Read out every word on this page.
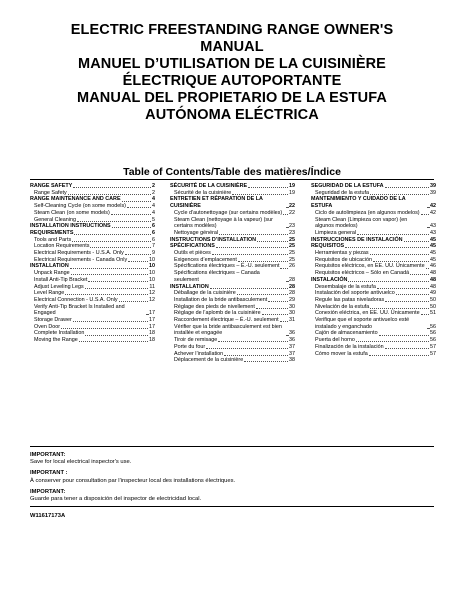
ELECTRIC FREESTANDING RANGE OWNER'S
MANUAL
MANUEL D’UTILISATION DE LA CUISINIÈRE
ÉLECTRIQUE AUTOPORTANTE
MANUAL DEL PROPIETARIO DE LA ESTUFA
AUTÓNOMA ELÉCTRICA
Table of Contents/Table des matières/Índice
RANGE SAFETY	2
Range Safety	2
RANGE MAINTENANCE AND CARE	4
Self-Cleaning Cycle (on some models)	4
Steam Clean (on some models)	4
General Cleaning	5
INSTALLATION INSTRUCTIONS	6
REQUIREMENTS	6
Tools and Parts	6
Location Requirements	7
Electrical Requirements - U.S.A. Only	9
Electrical Requirements - Canada Only	10
INSTALLATION	10
Unpack Range	10
Install Anti-Tip Bracket	10
Adjust Leveling Legs	11
Level Range	12
Electrical Connection - U.S.A. Only	12
Verify Anti-Tip Bracket Is Installed and Engaged	17
Storage Drawer	17
Oven Door	17
Complete Installation	18
Moving the Range	18
SÉCURITÉ DE LA CUISINIÈRE	19
Sécurité de la cuisinière	19
ENTRETIEN ET RÉPARATION DE LA CUISINIÈRE	22
Cycle d’autonettoyage (sur certains modèles) 22
Steam Clean (nettoyage à la vapeur) (sur certains modèles)	23
Nettoyage général	23
INSTRUCTIONS D’INSTALLATION	25
SPÉCIFICATIONS	25
Outils et pièces	25
Exigences d’emplacement	25
Spécifications électriques – É.-U. seulement 26
Spécifications électriques – Canada seulement	28
INSTALLATION	28
Déballage de la cuisinière	28
Installation de la bride antibasculement	29
Réglage des pieds de nivellement	30
Réglage de l’aplomb de la cuisinière	30
Raccordement électrique – É.-U. seulement 31
Vérifier que la bride antibasculement est bien installée et engagée	36
Tiroir de remisage	36
Porte du four	37
Achever l’installation	37
Déplacement de la cuisinière	38
SEGURIDAD DE LA ESTUFA	39
Seguridad de la estufa	39
MANTENIMIENTO Y CUIDADO DE LA ESTUFA	42
Ciclo de autolimpieza (en algunos modelos) 42
Steam Clean (Limpieza con vapor) (en algunos modelos)	43
Limpieza general	43
INSTRUCCIONES DE INSTALACIÓN	45
REQUISITOS	45
Herramientas y piezas	45
Requisitos de ubicación	45
Requisitos eléctricos, en EE. UU. Únicamente 46
Requisitos eléctricos – Sólo en Canadá	48
INSTALACIÓN	48
Desembalaje de la estufa	48
Instalación del soporte antivuelco	49
Regule las patas niveladoras	50
Nivelación de la estufa	50
Conexión eléctrica, en EE. UU. Únicamente 51
Verifique que el soporte antivuelco esté instalado y enganchado	56
Cajón de almacenamiento	56
Puerta del horno	56
Finalización de la instalación	57
Cómo mover la estufa	57
IMPORTANT:
Save for local electrical inspector's use.
IMPORTANT :
À conserver pour consultation par l'inspecteur local des installations électriques.
IMPORTANT:
Guarde para tener a disposición del inspector de electricidad local.
W11617173A
